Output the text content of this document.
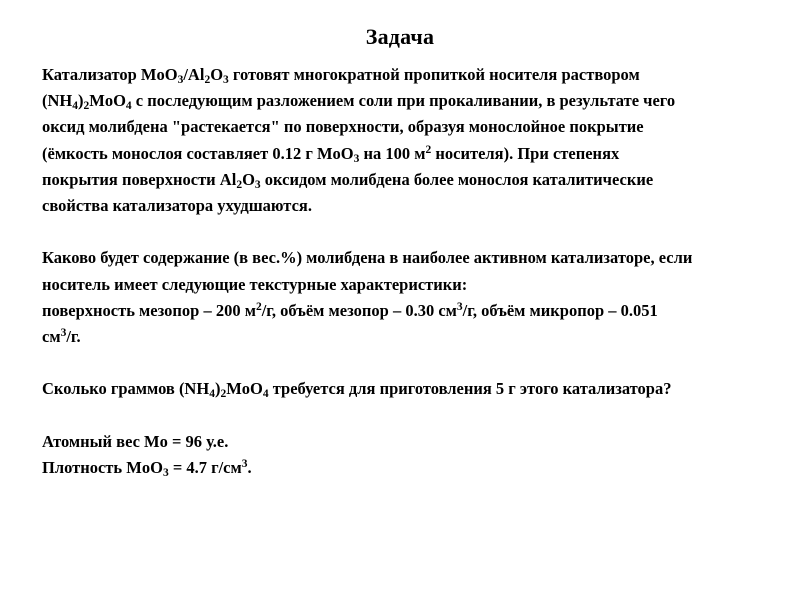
Задача
Катализатор $MoO_3/Al_2O_3$ готовят многократной пропиткой носителя раствором
$(NH_4)_2MoO_4$ с последующим разложением соли при прокаливании, в результате чего
оксид молибдена "растекается" по поверхности, образуя монослойное покрытие
(ёмкость монослоя составляет 0.12 г MoO$_3$ на 100 $м^2$ носителя). При степенях
покрытия поверхности $Al_2O_3$ оксидом молибдена более монослоя каталитические
свойства катализатора ухудшаются.
Каково будет содержание (в вес.%) молибдена в наиболее активном катализаторе, если
носитель имеет следующие текстурные характеристики:
поверхность мезопор – 200 $м^2/г$, объём мезопор – 0.30 $см^3/г$, объём микропор – 0.051
$см^3/г$.
Сколько граммов $(NH_4)_2MoO_4$ требуется для приготовления 5 г этого катализатора?
Атомный вес Mo = 96 у.е.
Плотность MoO$_3$ = 4.7 $г/см^3$.
